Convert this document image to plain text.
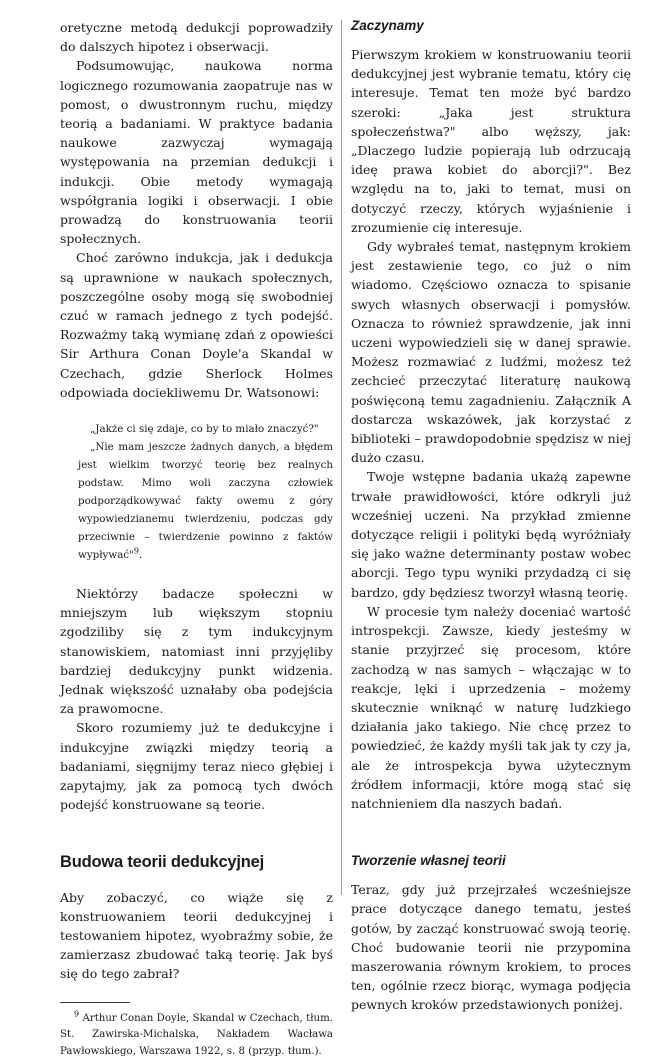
oretyczne metodą dedukcji poprowadziły do dalszych hipotez i obserwacji.

Podsumowując, naukowa norma logicznego rozumowania zaopatruje nas w pomost, o dwustronnym ruchu, między teorią a badaniami. W praktyce badania naukowe zazwyczaj wymagają występowania na przemian dedukcji i indukcji. Obie metody wymagają współgrania logiki i obserwacji. I obie prowadzą do konstruowania teorii społecznych.

Choć zarówno indukcja, jak i dedukcja są uprawnione w naukach społecznych, poszczególne osoby mogą się swobodniej czuć w ramach jednego z tych podejść. Rozważmy taką wymianę zdań z opowieści Sir Arthura Conan Doyle'a Skandal w Czechach, gdzie Sherlock Holmes odpowiada dociekliwemu Dr. Watsonowi:

„Jakże ci się zdaje, co by to miało znaczyć?"

„Nie mam jeszcze żadnych danych, a błędem jest wielkim tworzyć teorię bez realnych podstaw. Mimo woli zaczyna człowiek podporządkowywać fakty owemu z góry wypowiedzianemu twierdzeniu, podczas gdy przeciwnie – twierdzenie powinno z faktów wypływać"$^9$.

Niektórzy badacze społeczni w mniejszym lub większym stopniu zgodziliby się z tym indukcyjnym stanowiskiem, natomiast inni przyjęliby bardziej dedukcyjny punkt widzenia. Jednak większość uznałaby oba podejścia za prawomocne.

Skoro rozumiemy już te dedukcyjne i indukcyjne związki między teorią a badaniami, sięgnijmy teraz nieco głębiej i zapytajmy, jak za pomocą tych dwóch podejść konstruowane są teorie.

Budowa teorii dedukcyjnej

Aby zobaczyć, co wiąże się z konstruowaniem teorii dedukcyjnej i testowaniem hipotez, wyobraźmy sobie, że zamierzasz zbudować taką teorię. Jak byś się do tego zabrał?

$^9$ Arthur Conan Doyle, Skandal w Czechach, tłum. St. Zawirska-Michalska, Nakładem Wacława Pawłowskiego, Warszawa 1922, s. 8 (przyp. tłum.).

Zaczynamy

Pierwszym krokiem w konstruowaniu teorii dedukcyjnej jest wybranie tematu, który cię interesuje. Temat ten może być bardzo szeroki: „Jaka jest struktura społeczeństwa?" albo węższy, jak: „Dlaczego ludzie popierają lub odrzucają ideę prawa kobiet do aborcji?". Bez względu na to, jaki to temat, musi on dotyczyć rzeczy, których wyjaśnienie i zrozumienie cię interesuje.

Gdy wybrałeś temat, następnym krokiem jest zestawienie tego, co już o nim wiadomo. Częściowo oznacza to spisanie swych własnych obserwacji i pomysłów. Oznacza to również sprawdzenie, jak inni uczeni wypowiedzieli się w danej sprawie. Możesz rozmawiać z ludźmi, możesz też zechcieć przeczytać literaturę naukową poświęconą temu zagadnieniu. Załącznik A dostarcza wskazówek, jak korzystać z biblioteki – prawdopodobnie spędzisz w niej dużo czasu.

Twoje wstępne badania ukażą zapewne trwałe prawidłowości, które odkryli już wcześniej uczeni. Na przykład zmienne dotyczące religii i polityki będą wyróżniały się jako ważne determinanty postaw wobec aborcji. Tego typu wyniki przydadzą ci się bardzo, gdy będziesz tworzył własną teorię.

W procesie tym należy doceniać wartość introspekcji. Zawsze, kiedy jesteśmy w stanie przyjrzeć się procesom, które zachodzą w nas samych – włączając w to reakcje, lęki i uprzedzenia – możemy skutecznie wniknąć w naturę ludzkiego działania jako takiego. Nie chcę przez to powiedzieć, że każdy myśli tak jak ty czy ja, ale że introspekcja bywa użytecznym źródłem informacji, które mogą stać się natchnieniem dla naszych badań.

Tworzenie własnej teorii

Teraz, gdy już przejrzałeś wcześniejsze prace dotyczące danego tematu, jesteś gotów, by zacząć konstruować swoją teorię. Choć budowanie teorii nie przypomina maszerowania równym krokiem, to proces ten, ogólnie rzecz biorąc, wymaga podjęcia pewnych kroków przedstawionych poniżej.
